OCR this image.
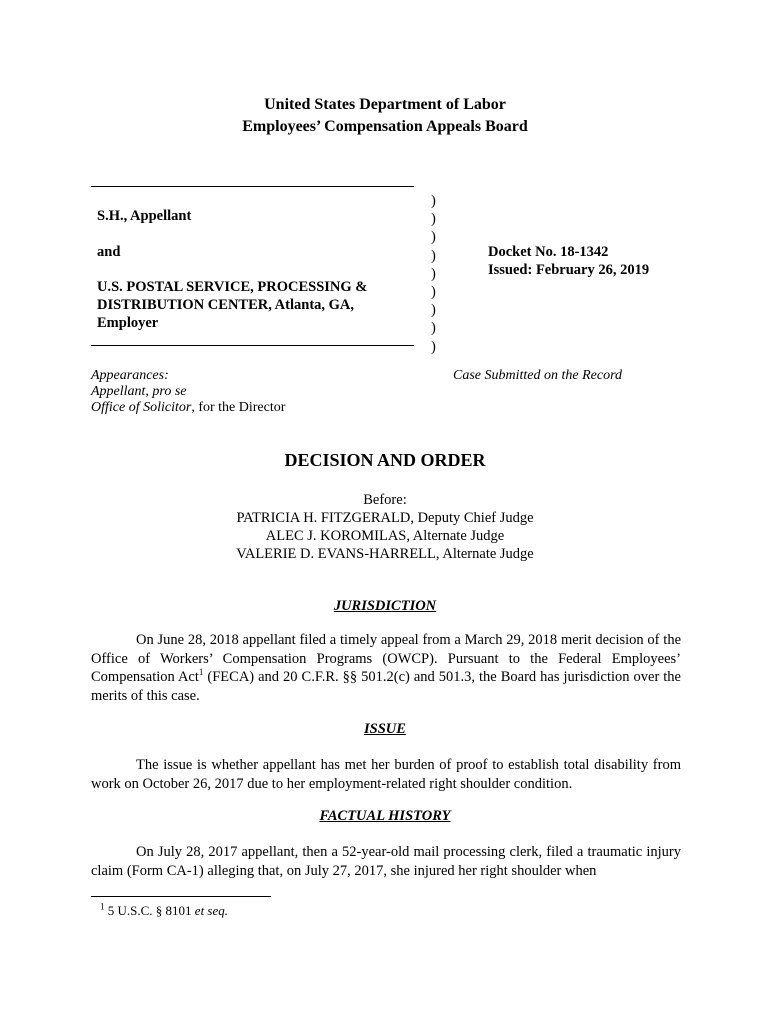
United States Department of Labor
Employees’ Compensation Appeals Board
S.H., Appellant
and
U.S. POSTAL SERVICE, PROCESSING &
DISTRIBUTION CENTER, Atlanta, GA,
Employer
)
)
)
)
)
)
)
)
)
Docket No. 18-1342
Issued: February 26, 2019
Appearances:
Appellant, pro se
Office of Solicitor, for the Director
Case Submitted on the Record
DECISION AND ORDER
Before:
PATRICIA H. FITZGERALD, Deputy Chief Judge
ALEC J. KOROMILAS, Alternate Judge
VALERIE D. EVANS-HARRELL, Alternate Judge
JURISDICTION

On June 28, 2018 appellant filed a timely appeal from a March 29, 2018 merit decision of the Office of Workers’ Compensation Programs (OWCP). Pursuant to the Federal Employees’ Compensation Act$^1$ (FECA) and 20 C.F.R. §§ 501.2(c) and 501.3, the Board has jurisdiction over the merits of this case.

ISSUE

The issue is whether appellant has met her burden of proof to establish total disability from work on October 26, 2017 due to her employment-related right shoulder condition.

FACTUAL HISTORY

On July 28, 2017 appellant, then a 52-year-old mail processing clerk, filed a traumatic injury claim (Form CA-1) alleging that, on July 27, 2017, she injured her right shoulder when

$^1$ 5 U.S.C. § 8101 et seq.
